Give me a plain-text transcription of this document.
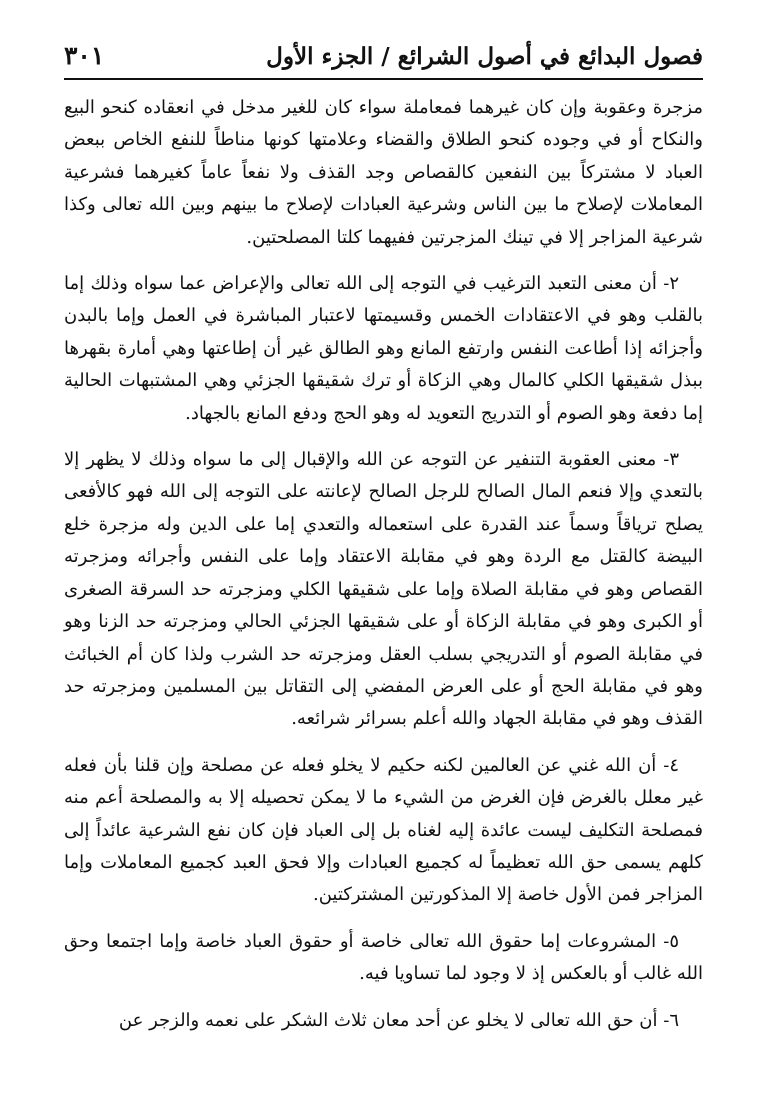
فصول البدائع في أصول الشرائع / الجزء الأول
٣٠١

مزجرة وعقوبة وإن كان غيرهما فمعاملة سواء كان للغير مدخل في انعقاده كنحو البيع والنكاح أو في وجوده كنحو الطلاق والقضاء وعلامتها كونها مناطاً للنفع الخاص ببعض العباد لا مشتركاً بين النفعين كالقصاص وجد القذف ولا نفعاً عاماً كغيرهما فشرعية المعاملات لإصلاح ما بين الناس وشرعية العبادات لإصلاح ما بينهم وبين الله تعالى وكذا شرعية المزاجر إلا في تينك المزجرتين ففيهما كلتا المصلحتين.

٢- أن معنى التعبد الترغيب في التوجه إلى الله تعالى والإعراض عما سواه وذلك إما بالقلب وهو في الاعتقادات الخمس وقسيمتها لاعتبار المباشرة في العمل وإما بالبدن وأجزائه إذا أطاعت النفس وارتفع المانع وهو الطالق غير أن إطاعتها وهي أمارة بقهرها ببذل شقيقها الكلي كالمال وهي الزكاة أو ترك شقيقها الجزئي وهي المشتبهات الحالية إما دفعة وهو الصوم أو التدريج التعويد له وهو الحج ودفع المانع بالجهاد.

٣- معنى العقوبة التنفير عن التوجه عن الله والإقبال إلى ما سواه وذلك لا يظهر إلا بالتعدي وإلا فنعم المال الصالح للرجل الصالح لإعانته على التوجه إلى الله فهو كالأفعى يصلح ترياقاً وسماً عند القدرة على استعماله والتعدي إما على الدين وله مزجرة خلع البيضة كالقتل مع الردة وهو في مقابلة الاعتقاد وإما على النفس وأجرائه ومزجرته القصاص وهو في مقابلة الصلاة وإما على شقيقها الكلي ومزجرته حد السرقة الصغرى أو الكبرى وهو في مقابلة الزكاة أو على شقيقها الجزئي الحالي ومزجرته حد الزنا وهو في مقابلة الصوم أو التدريجي بسلب العقل ومزجرته حد الشرب ولذا كان أم الخبائث وهو في مقابلة الحج أو على العرض المفضي إلى التقاتل بين المسلمين ومزجرته حد القذف وهو في مقابلة الجهاد والله أعلم بسرائر شرائعه.

٤- أن الله غني عن العالمين لكنه حكيم لا يخلو فعله عن مصلحة وإن قلنا بأن فعله غير معلل بالغرض فإن الغرض من الشيء ما لا يمكن تحصيله إلا به والمصلحة أعم منه فمصلحة التكليف ليست عائدة إليه لغناه بل إلى العباد فإن كان نفع الشرعية عائداً إلى كلهم يسمى حق الله تعظيماً له كجميع العبادات وإلا فحق العبد كجميع المعاملات وإما المزاجر فمن الأول خاصة إلا المذكورتين المشتركتين.

٥- المشروعات إما حقوق الله تعالى خاصة أو حقوق العباد خاصة وإما اجتمعا وحق الله غالب أو بالعكس إذ لا وجود لما تساويا فيه.

٦- أن حق الله تعالى لا يخلو عن أحد معان ثلاث الشكر على نعمه والزجر عن
